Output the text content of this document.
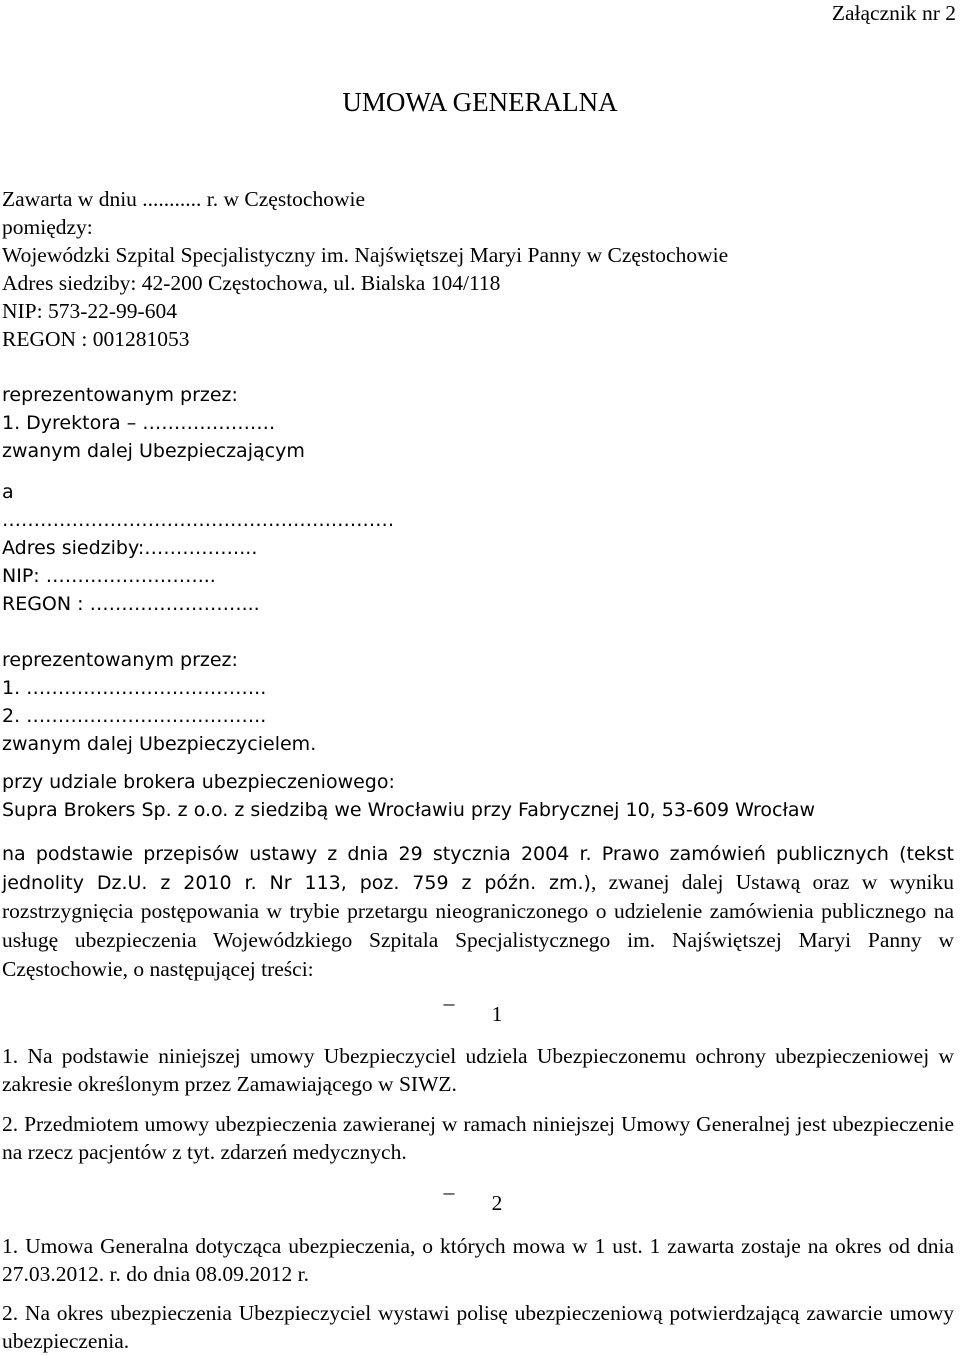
Załącznik nr 2
UMOWA GENERALNA
Zawarta w dniu ........... r. w Częstochowie
pomiędzy:
Wojewódzki Szpital Specjalistyczny im. Najświętszej Maryi Panny w Częstochowie
Adres siedziby: 42-200 Częstochowa, ul. Bialska 104/118
NIP: 573-22-99-604
REGON : 001281053
reprezentowanym przez:
1. Dyrektora – …………………
zwanym dalej Ubezpieczającym
a
……………………………………….…….………
Adres siedziby:……………...
NIP: ……………………...
REGON : ……………………...
reprezentowanym przez:
1. ………………………………..
2. ………………………………..
zwanym dalej Ubezpieczycielem.
przy udziale brokera ubezpieczeniowego:
Supra Brokers Sp. z o.o. z siedzibą we Wrocławiu przy Fabrycznej 10, 53-609 Wrocław
na podstawie przepisów ustawy z dnia 29 stycznia 2004 r. Prawo zamówień publicznych (tekst jednolity Dz.U. z 2010 r. Nr 113, poz. 759 z późn. zm.), zwanej dalej Ustawą oraz w wyniku rozstrzygnięcia postępowania w trybie przetargu nieograniczonego o udzielenie zamówienia publicznego na usługę ubezpieczenia Wojewódzkiego Szpitala Specjalistycznego im. Najświętszej Maryi Panny w Częstochowie, o następującej treści:
_
1
1. Na podstawie niniejszej umowy Ubezpieczyciel udziela Ubezpieczonemu ochrony ubezpieczeniowej w zakresie określonym przez Zamawiającego w SIWZ.
2. Przedmiotem umowy ubezpieczenia zawieranej w ramach niniejszej Umowy Generalnej jest ubezpieczenie na rzecz pacjentów z tyt. zdarzeń medycznych.
_
2
1. Umowa Generalna dotycząca ubezpieczenia, o których mowa w 1 ust. 1 zawarta zostaje na okres od dnia 27.03.2012. r. do dnia 08.09.2012 r.
2. Na okres ubezpieczenia Ubezpieczyciel wystawi polisę ubezpieczeniową potwierdzającą zawarcie umowy ubezpieczenia.
